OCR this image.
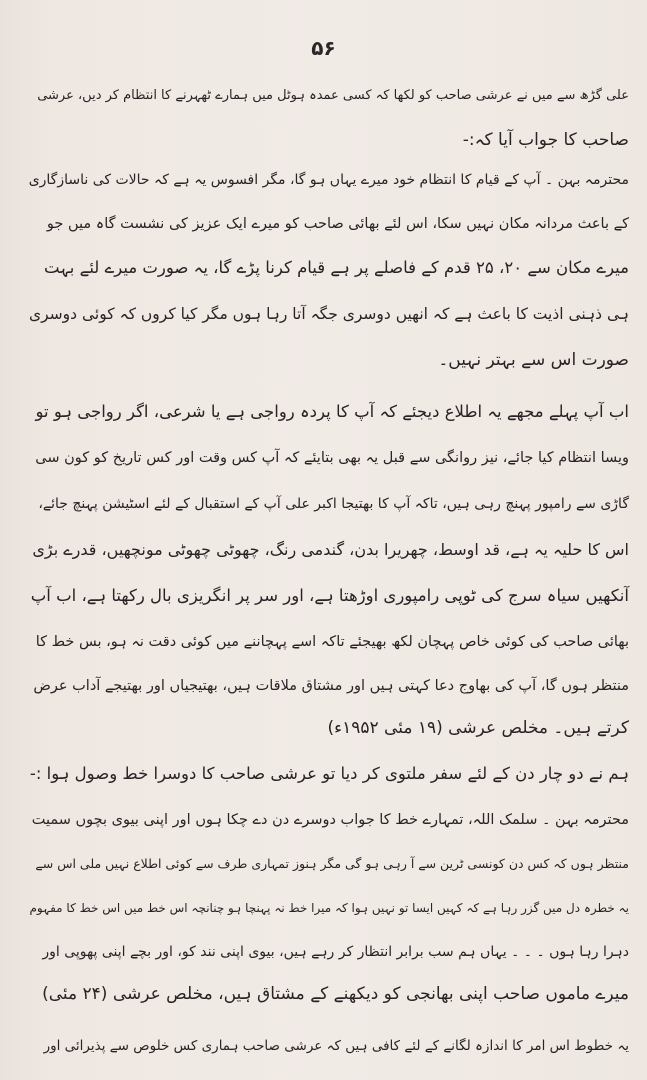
۵۶
علی گڑھ سے میں نے عرشی صاحب کو لکھا کہ کسی عمدہ ہوٹل میں ہمارے ٹھہرنے کا انتظام کر دیں، عرشی
صاحب کا جواب آیا کہ:-
محترمہ بہن ۔ آپ کے قیام کا انتظام خود میرے یہاں ہو گا، مگر افسوس یہ ہے کہ حالات کی ناسازگاری
کے باعث مردانہ مکان نہیں سکا، اس لئے بھائی صاحب کو میرے ایک عزیز کی نشست گاہ میں جو
میرے مکان سے ۲۰، ۲۵ قدم کے فاصلے پر ہے قیام کرنا پڑے گا، یہ صورت میرے لئے بہت
ہی ذہنی اذیت کا باعث ہے کہ انھیں دوسری جگہ آتا رہا ہوں مگر کیا کروں کہ کوئی دوسری
صورت اس سے بہتر نہیں۔
اب آپ پہلے مجھے یہ اطلاع دیجئے کہ آپ کا پردہ رواجی ہے یا شرعی، اگر رواجی ہو تو
ویسا انتظام کیا جائے، نیز روانگی سے قبل یہ بھی بتایئے کہ آپ کس وقت اور کس تاریخ کو کون سی
گاڑی سے رامپور پہنچ رہی ہیں، تاکہ آپ کا بھتیجا اکبر علی آپ کے استقبال کے لئے اسٹیشن پہنچ جائے،
اس کا حلیہ یہ ہے، قد اوسط، چھریرا بدن، گندمی رنگ، چھوٹی چھوٹی مونچھیں، قدرے بڑی
آنکھیں سیاہ سرج کی ٹوپی رامپوری اوڑھتا ہے، اور سر پر انگریزی بال رکھتا ہے، اب آپ
بھائی صاحب کی کوئی خاص پہچان لکھ بھیجئے تاکہ اسے پہچاننے میں کوئی دقت نہ ہو، بس خط کا
منتظر ہوں گا، آپ کی بھاوج دعا کہتی ہیں اور مشتاق ملاقات ہیں، بھتیجیاں اور بھتیجے آداب عرض
کرتے ہیں۔ مخلص عرشی (۱۹ مئی ۱۹۵۲ء)
ہم نے دو چار دن کے لئے سفر ملتوی کر دیا تو عرشی صاحب کا دوسرا خط وصول ہوا :-
محترمہ بہن ۔ سلمک اللہ، تمہارے خط کا جواب دوسرے دن دے چکا ہوں اور اپنی بیوی بچوں سمیت
منتظر ہوں کہ کس دن کونسی ٹرین سے آ رہی ہو گی مگر ہنوز تمہاری طرف سے کوئی اطلاع نہیں ملی اس سے
یہ خطرہ دل میں گزر رہا ہے کہ کہیں ایسا تو نہیں ہوا کہ میرا خط نہ پہنچا ہو چنانچہ اس خط میں اس خط کا مفہوم
دہرا رہا ہوں ۔ ۔ ۔ یہاں ہم سب برابر انتظار کر رہے ہیں، بیوی اپنی نند کو، اور بچے اپنی پھوپی اور
میرے ماموں صاحب اپنی بھانجی کو دیکھنے کے مشتاق ہیں، مخلص عرشی (۲۴ مئی)
یہ خطوط اس امر کا اندازہ لگانے کے لئے کافی ہیں کہ عرشی صاحب ہماری کس خلوص سے پذیرائی اور
